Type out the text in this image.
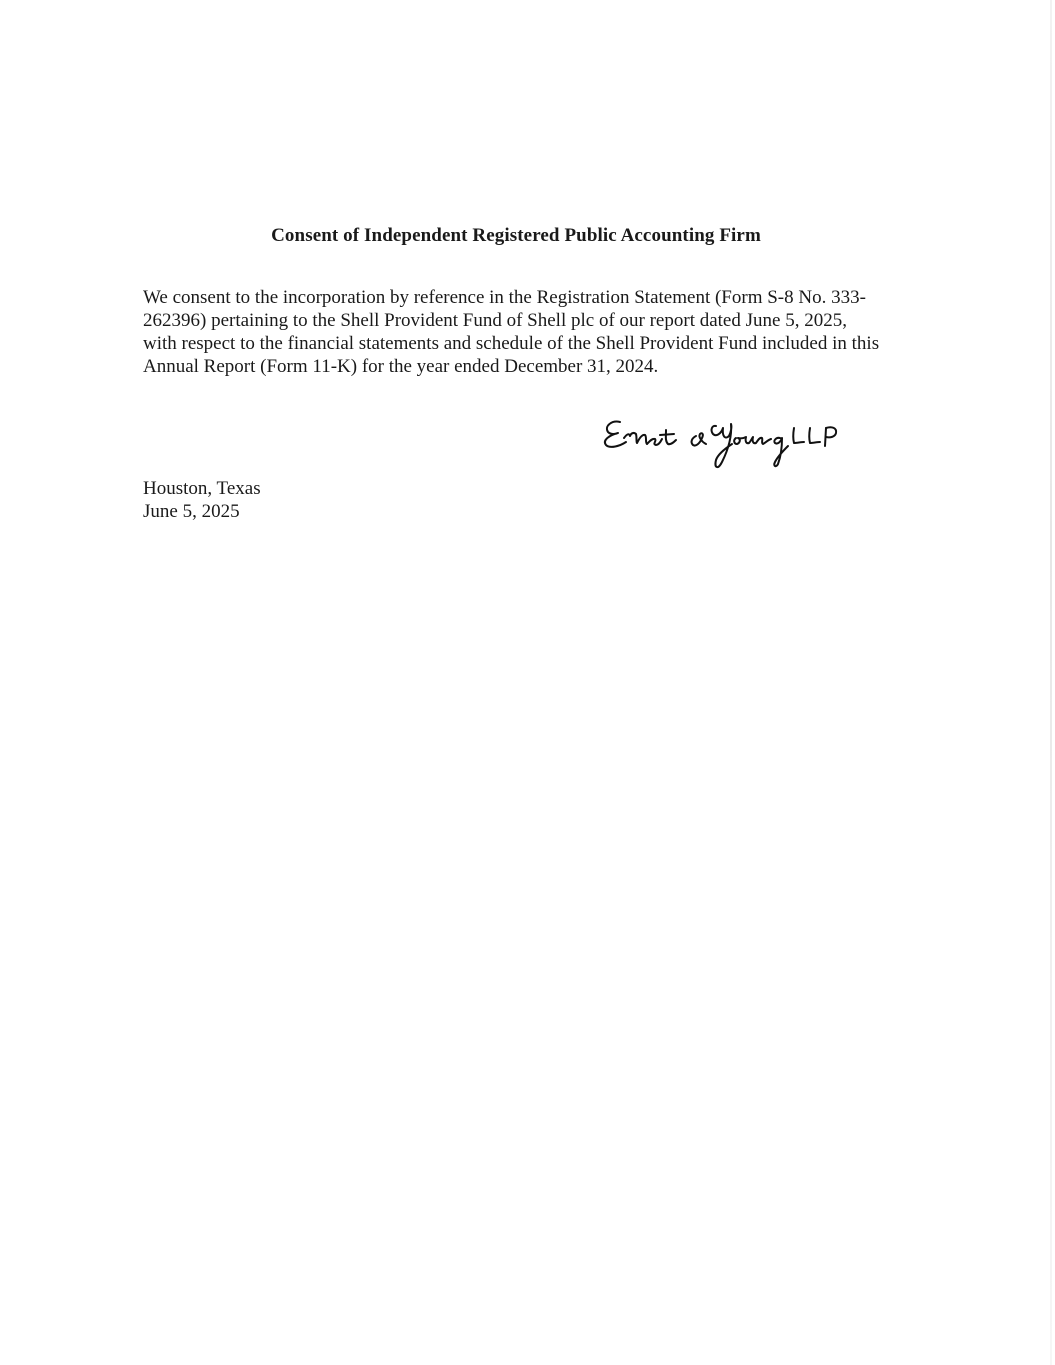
Consent of Independent Registered Public Accounting Firm
We consent to the incorporation by reference in the Registration Statement (Form S-8 No. 333-
262396) pertaining to the Shell Provident Fund of Shell plc of our report dated June 5, 2025,
with respect to the financial statements and schedule of the Shell Provident Fund included in this
Annual Report (Form 11-K) for the year ended December 31, 2024.
Houston, Texas
June 5, 2025
